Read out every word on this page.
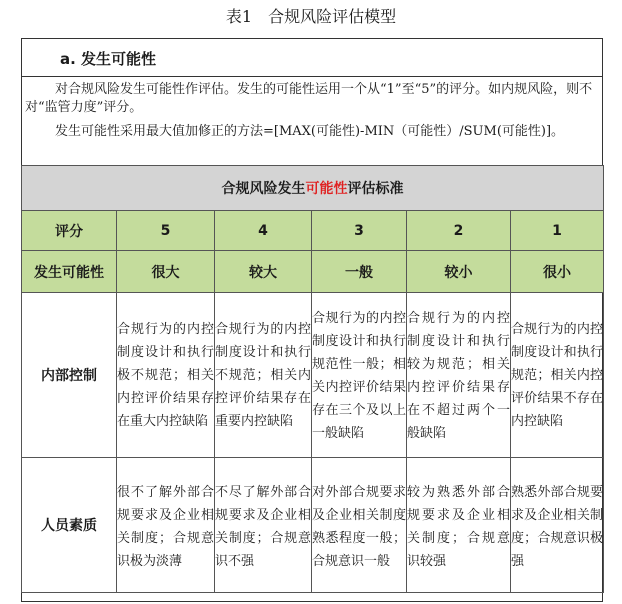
表1 合规风险评估模型
a. 发生可能性
对合规风险发生可能性作评估。发生的可能性运用一个从“1”至“5”的评分。如内规风险，则不对“监管力度”评分。
发生可能性采用最大值加修正的方法=[MAX(可能性)-MIN（可能性）/SUM(可能性)]。
合规风险发生可能性评估标准					
评分	5	4	3	2	1
发生可能性	很大	较大	一般	较小	很小
内部控制	合规行为的内控制度设计和执行极不规范；相关内控评价结果存在重大内控缺陷	合规行为的内控制度设计和执行不规范；相关内控评价结果存在重要内控缺陷	合规行为的内控制度设计和执行规范性一般；相关内控评价结果存在三个及以上一般缺陷	合规行为的内控制度设计和执行较为规范；相关内控评价结果存在不超过两个一般缺陷	合规行为的内控制度设计和执行规范；相关内控评价结果不存在内控缺陷
人员素质	很不了解外部合规要求及企业相关制度；合规意识极为淡薄	不尽了解外部合规要求及企业相关制度；合规意识不强	对外部合规要求及企业相关制度熟悉程度一般；合规意识一般	较为熟悉外部合规要求及企业相关制度；合规意识较强	熟悉外部合规要求及企业相关制度；合规意识极强
